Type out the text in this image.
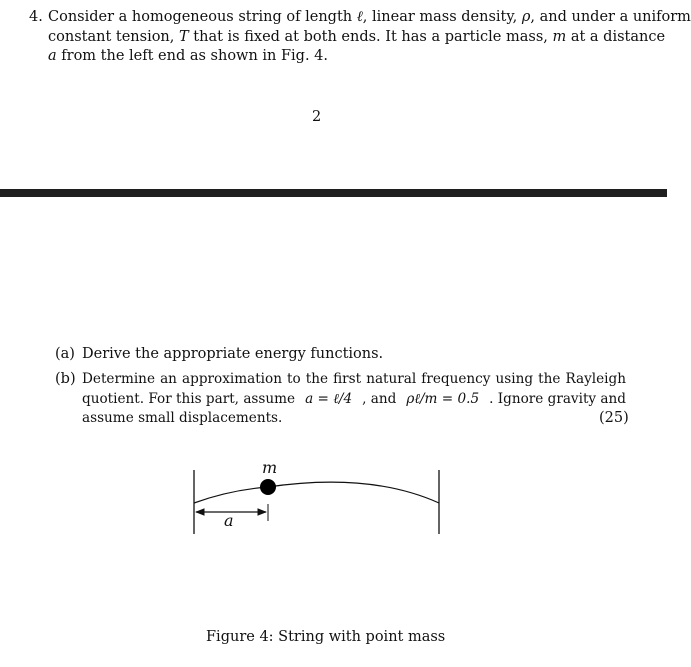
4. Consider a homogeneous string of length ℓ, linear mass density, ρ, and under a uniform
constant tension, T that is fixed at both ends. It has a particle mass, m at a distance
a from the left end as shown in Fig. 4.
2
(a) Derive the appropriate energy functions.
(b) Determine an approximation to the first natural frequency using the Rayleigh
quotient. For this part, assume a = ℓ/4 , and ρℓ/m = 0.5 . Ignore gravity and
assume small displacements.	(25)
m
a
Figure 4: String with point mass
